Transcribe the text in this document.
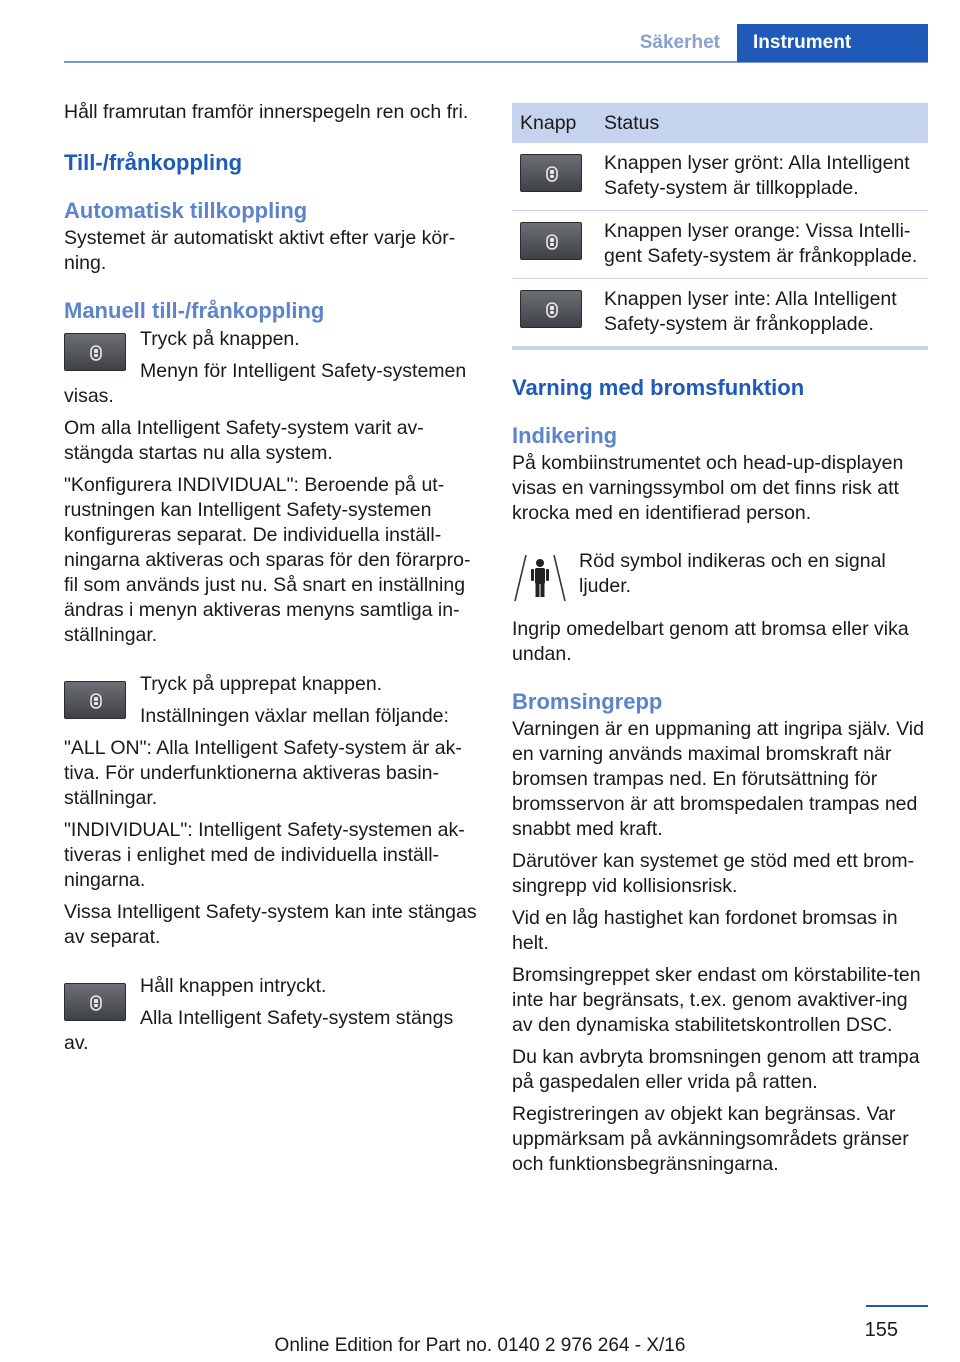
Säkerhet	Instrument

Håll framrutan framför innerspegeln ren och fri.

Till-/frånkoppling
Automatisk tillkoppling

Systemet är automatiskt aktivt efter varje kör-ning.

Manuell till-/frånkoppling

Tryck på knappen.

Menyn för Intelligent Safety-systemen

visas.

Om alla Intelligent Safety-system varit av-stängda startas nu alla system.

"Konfigurera INDIVIDUAL": Beroende på ut-rustningen kan Intelligent Safety-systemen konfigureras separat. De individuella inställ-ningarna aktiveras och sparas för den förarpro-fil som används just nu. Så snart en inställning ändras i menyn aktiveras menyns samtliga in-ställningar.

Tryck på upprepat knappen.

Inställningen växlar mellan följande:

"ALL ON": Alla Intelligent Safety-system är ak-tiva. För underfunktionerna aktiveras basin-ställningar.

"INDIVIDUAL": Intelligent Safety-systemen ak-tiveras i enlighet med de individuella inställ-ningarna.

Vissa Intelligent Safety-system kan inte stängas av separat.

Håll knappen intryckt.

Alla Intelligent Safety-system stängs

av.

Knapp	Status

	Knappen lyser grönt: Alla Intelligent Safety-system är tillkopplade.

	Knappen lyser orange: Vissa Intelli-gent Safety-system är frånkopplade.

	Knappen lyser inte: Alla Intelligent Safety-system är frånkopplade.
Varning med bromsfunktion
Indikering

På kombiinstrumentet och head-up-displayen visas en varningssymbol om det finns risk att krocka med en identifierad person.

Röd symbol indikeras och en signal ljuder.

Ingrip omedelbart genom att bromsa eller vika undan.

Bromsingrepp

Varningen är en uppmaning att ingripa själv. Vid en varning används maximal bromskraft när bromsen trampas ned. En förutsättning för bromsservon är att bromspedalen trampas ned snabbt med kraft.

Därutöver kan systemet ge stöd med ett brom-singrepp vid kollisionsrisk.

Vid en låg hastighet kan fordonet bromsas in helt.

Bromsingreppet sker endast om körstabilite-ten inte har begränsats, t.ex. genom avaktiver-ing av den dynamiska stabilitetskontrollen DSC.

Du kan avbryta bromsningen genom att trampa på gaspedalen eller vrida på ratten.

Registreringen av objekt kan begränsas. Var uppmärksam på avkänningsområdets gränser och funktionsbegränsningarna.

155
Online Edition for Part no. 0140 2 976 264 - X/16
